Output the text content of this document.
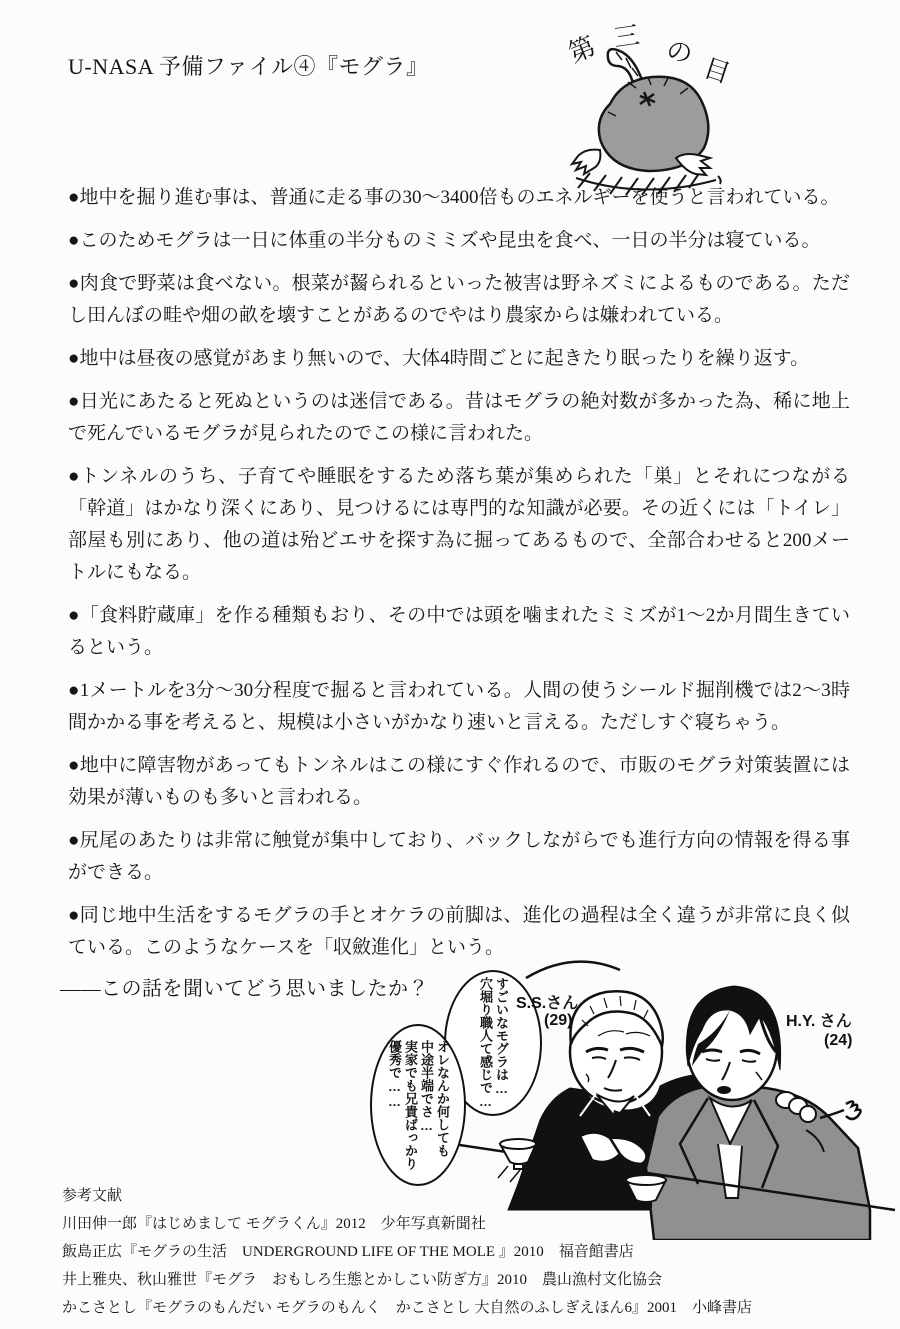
U-NASA 予備ファイル④『モグラ』	第 三 の
目

●地中を掘り進む事は、普通に走る事の30～3400倍ものエネルギーを使うと言われている。

●このためモグラは一日に体重の半分ものミミズや昆虫を食べ、一日の半分は寝ている。

●肉食で野菜は食べない。根菜が齧られるといった被害は野ネズミによるものである。ただし田んぼの畦や畑の畝を壊すことがあるのでやはり農家からは嫌われている。

●地中は昼夜の感覚があまり無いので、大体4時間ごとに起きたり眠ったりを繰り返す。

●日光にあたると死ぬというのは迷信である。昔はモグラの絶対数が多かった為、稀に地上で死んでいるモグラが見られたのでこの様に言われた。

●トンネルのうち、子育てや睡眠をするため落ち葉が集められた「巣」とそれにつながる「幹道」はかなり深くにあり、見つけるには専門的な知識が必要。その近くには「トイレ」部屋も別にあり、他の道は殆どエサを探す為に掘ってあるもので、全部合わせると200メートルにもなる。

●「食料貯蔵庫」を作る種類もおり、その中では頭を噛まれたミミズが1～2か月間生きているという。

●1メートルを3分～30分程度で掘ると言われている。人間の使うシールド掘削機では2～3時間かかる事を考えると、規模は小さいがかなり速いと言える。ただしすぐ寝ちゃう。

●地中に障害物があってもトンネルはこの様にすぐ作れるので、市販のモグラ対策装置には効果が薄いものも多いと言われる。

●尻尾のあたりは非常に触覚が集中しており、バックしながらでも進行方向の情報を得る事ができる。

●同じ地中生活をするモグラの手とオケラの前脚は、進化の過程は全く違うが非常に良く似ている。このようなケースを「収斂進化」という。

――この話を聞いてどう思いましたか？	すごいなモグラは…
穴堀り職人て感じで…
オレなんか何しても
中途半端でさ…
実家でも兄貴ばっかり
優秀で……
S.S.さん
(29)	H.Y. さん
(24)

参考文献

川田伸一郎『はじめまして モグラくん』2012　少年写真新聞社

飯島正広『モグラの生活　UNDERGROUND LIFE OF THE MOLE 』2010　福音館書店

井上雅央、秋山雅世『モグラ　おもしろ生態とかしこい防ぎ方』2010　農山漁村文化協会

かこさとし『モグラのもんだい モグラのもんく　かこさとし 大自然のふしぎえほん6』2001　小峰書店
